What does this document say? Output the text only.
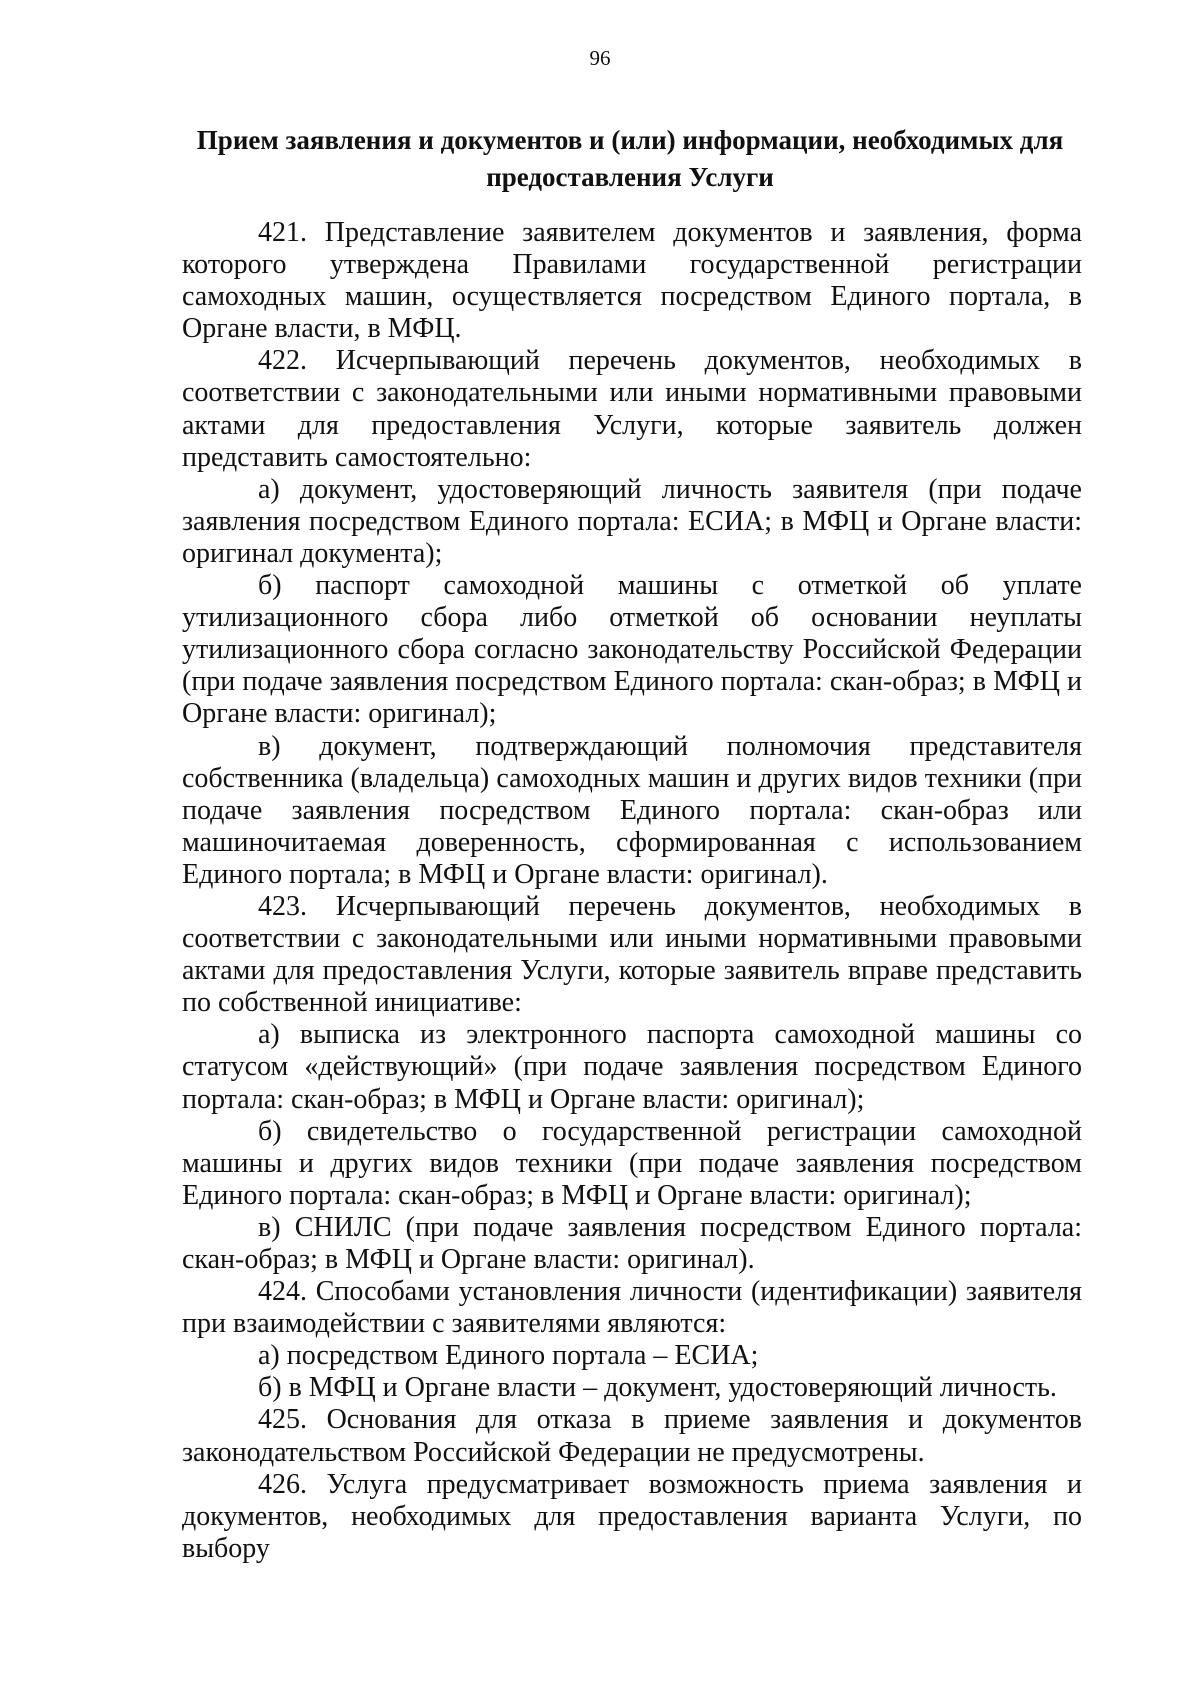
96
Прием заявления и документов и (или) информации, необходимых для
предоставления Услуги

421. Представление заявителем документов и заявления, форма которого утверждена Правилами государственной регистрации самоходных машин, осуществляется посредством Единого портала, в Органе власти, в МФЦ.

422. Исчерпывающий перечень документов, необходимых в соответствии с законодательными или иными нормативными правовыми актами для предоставления Услуги, которые заявитель должен представить самостоятельно:

а) документ, удостоверяющий личность заявителя (при подаче заявления посредством Единого портала: ЕСИА; в МФЦ и Органе власти: оригинал документа);

б) паспорт самоходной машины с отметкой об уплате утилизационного сбора либо отметкой об основании неуплаты утилизационного сбора согласно законодательству Российской Федерации (при подаче заявления посредством Единого портала: скан-образ; в МФЦ и Органе власти: оригинал);

в) документ, подтверждающий полномочия представителя собственника (владельца) самоходных машин и других видов техники (при подаче заявления посредством Единого портала: скан-образ или машиночитаемая доверенность, сформированная с использованием Единого портала; в МФЦ и Органе власти: оригинал).

423. Исчерпывающий перечень документов, необходимых в соответствии с законодательными или иными нормативными правовыми актами для предоставления Услуги, которые заявитель вправе представить по собственной инициативе:

а) выписка из электронного паспорта самоходной машины со статусом «действующий» (при подаче заявления посредством Единого портала: скан-образ; в МФЦ и Органе власти: оригинал);

б) свидетельство о государственной регистрации самоходной машины и других видов техники (при подаче заявления посредством Единого портала: скан-образ; в МФЦ и Органе власти: оригинал);

в) СНИЛС (при подаче заявления посредством Единого портала: скан-образ; в МФЦ и Органе власти: оригинал).

424. Способами установления личности (идентификации) заявителя при взаимодействии с заявителями являются:

а) посредством Единого портала – ЕСИА;

б) в МФЦ и Органе власти – документ, удостоверяющий личность.

425. Основания для отказа в приеме заявления и документов законодательством Российской Федерации не предусмотрены.

426. Услуга предусматривает возможность приема заявления и документов, необходимых для предоставления варианта Услуги, по выбору
